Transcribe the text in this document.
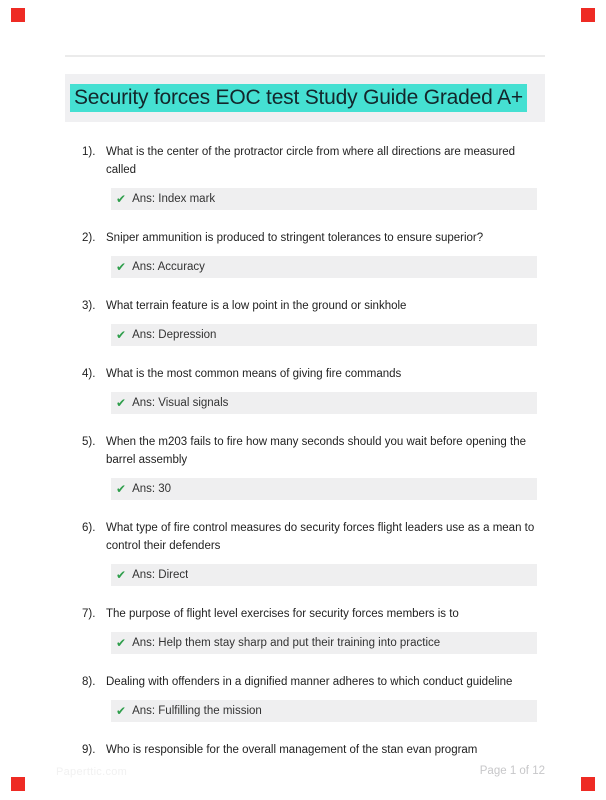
Security forces EOC test Study Guide Graded A+
1). What is the center of the protractor circle from where all directions are measured called
✔ Ans: Index mark
2). Sniper ammunition is produced to stringent tolerances to ensure superior?
✔ Ans: Accuracy
3). What terrain feature is a low point in the ground or sinkhole
✔ Ans: Depression
4). What is the most common means of giving fire commands
✔ Ans: Visual signals
5). When the m203 fails to fire how many seconds should you wait before opening the barrel assembly
✔ Ans: 30
6). What type of fire control measures do security forces flight leaders use as a mean to control their defenders
✔ Ans: Direct
7). The purpose of flight level exercises for security forces members is to
✔ Ans: Help them stay sharp and put their training into practice
8). Dealing with offenders in a dignified manner adheres to which conduct guideline
✔ Ans: Fulfilling the mission
9). Who is responsible for the overall management of the stan evan program
Paperttic.com	Page 1 of 12
